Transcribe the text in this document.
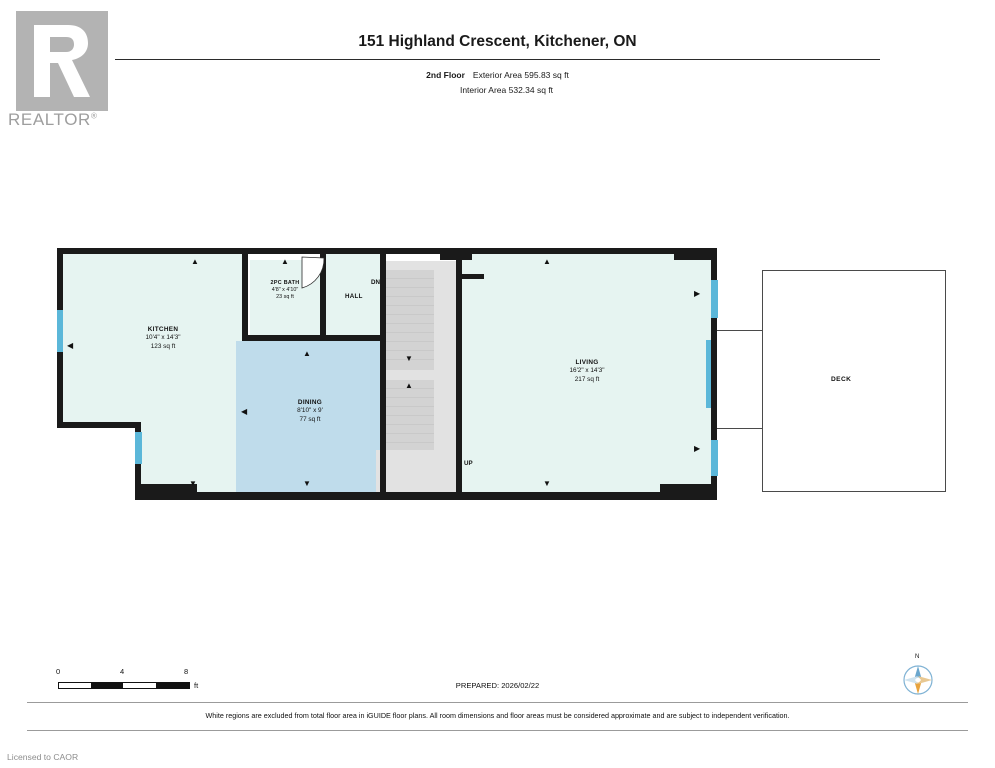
REALTOR®
151 Highland Crescent, Kitchener, ON
2nd Floor Exterior Area 595.83 sq ft
Interior Area 532.34 sq ft
▼
▲
DECK
KITCHEN
10'4" x 14'3"
123 sq ft
2PC BATH
4'8" x 4'10"
23 sq ft
DINING
8'10" x 9'
77 sq ft
LIVING
16'2" x 14'3"
217 sq ft
HALL
DN
UP
▲	▲	▲
◀
▲
◀
▶
▶
▼	▼	▼
0	4	8
ft	PREPARED: 2026/02/22
N
White regions are excluded from total floor area in iGUIDE floor plans. All room dimensions and floor areas must be considered approximate and are subject to independent verification.
Licensed to CAOR
